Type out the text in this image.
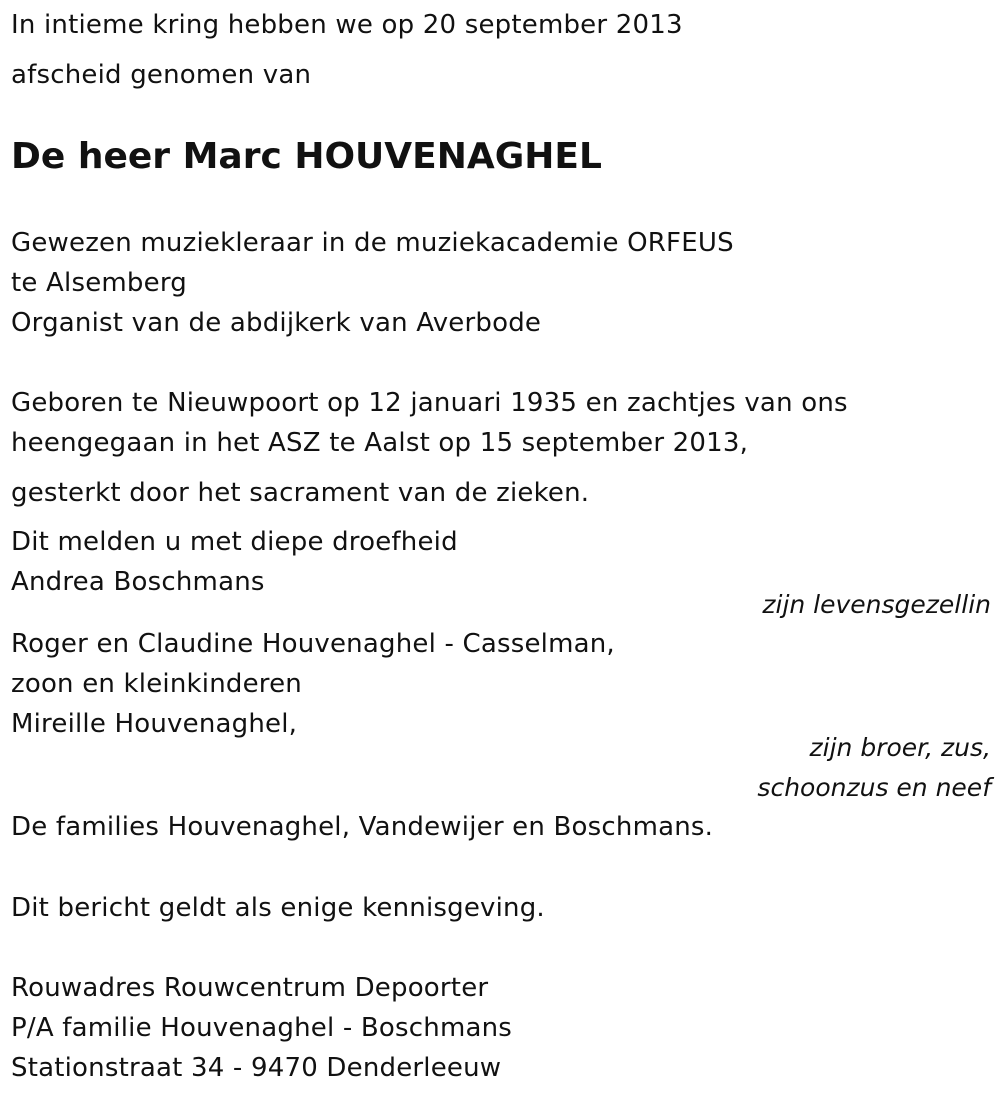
In intieme kring hebben we op 20 september 2013
afscheid genomen van
De heer Marc HOUVENAGHEL
Gewezen muziekleraar in de muziekacademie ORFEUS
te Alsemberg
Organist van de abdijkerk van Averbode
Geboren te Nieuwpoort op 12 januari 1935 en zachtjes van ons
heengegaan in het ASZ te Aalst op 15 september 2013,
gesterkt door het sacrament van de zieken.
Dit melden u met diepe droefheid
Andrea Boschmans
zijn levensgezellin
Roger en Claudine Houvenaghel - Casselman,
zoon en kleinkinderen
Mireille Houvenaghel,
zijn broer, zus,
schoonzus en neef
De families Houvenaghel, Vandewijer en Boschmans.
Dit bericht geldt als enige kennisgeving.
Rouwadres Rouwcentrum Depoorter
P/A familie Houvenaghel - Boschmans
Stationstraat 34 - 9470 Denderleeuw
